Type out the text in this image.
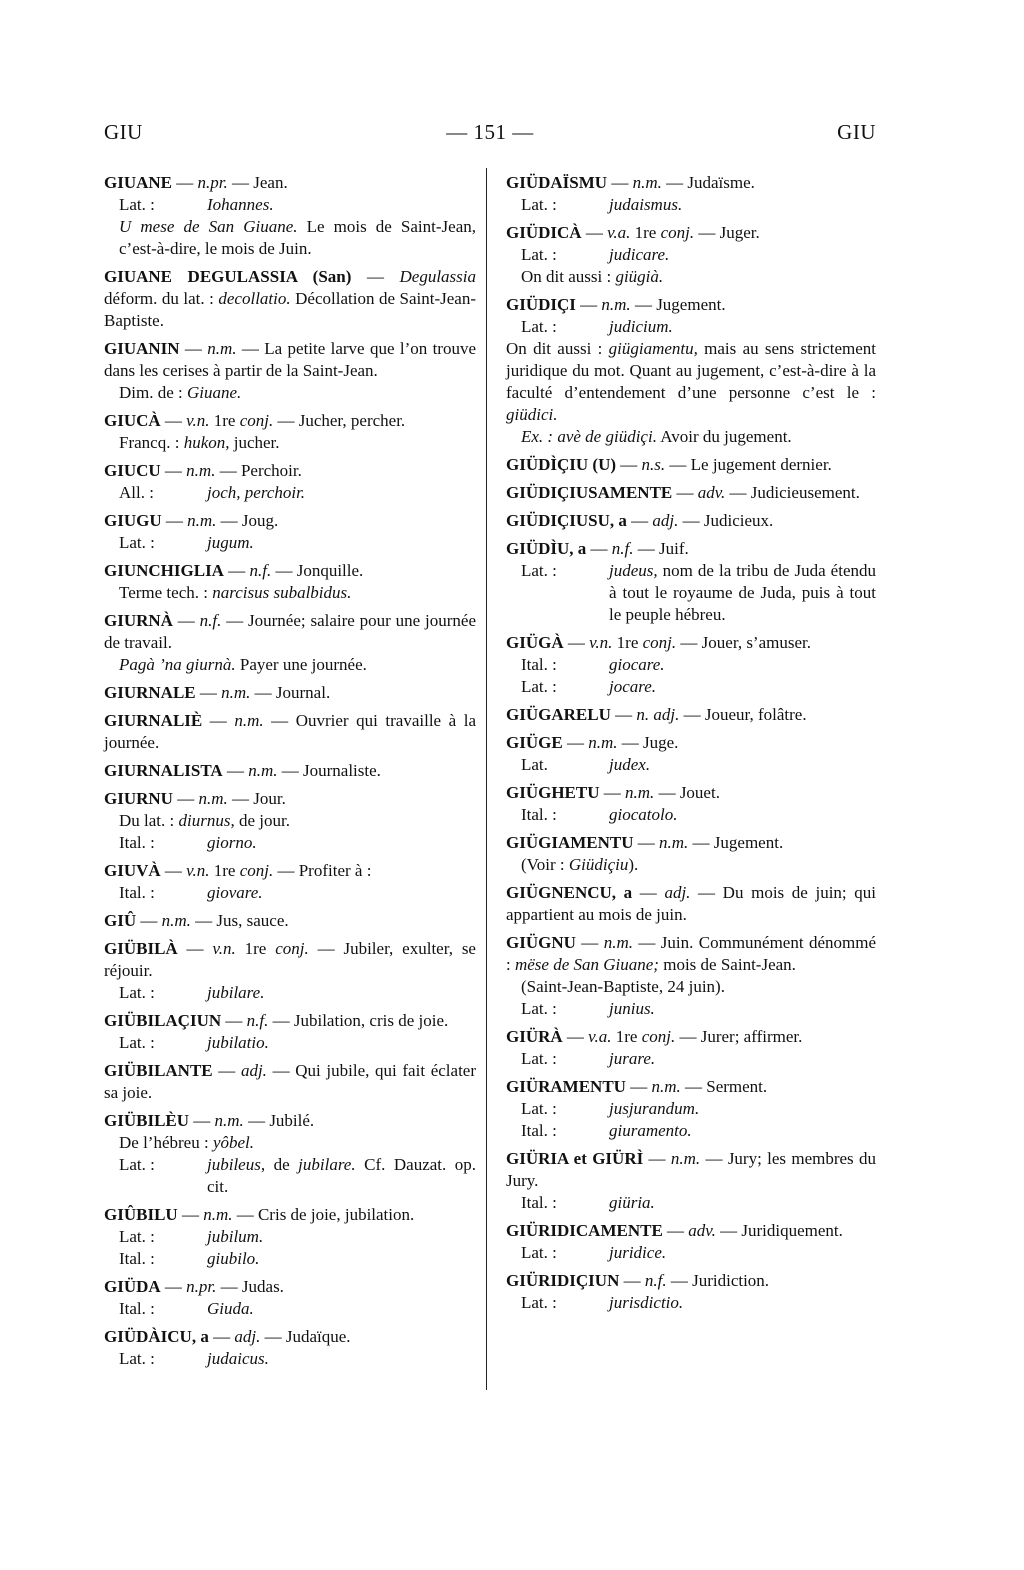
GIU	— 151 —	GIU
GIUANE — n.pr. — Jean.
Lat. :	Iohannes.
U mese de San Giuane. Le mois de Saint-Jean, c’est-à-dire, le mois de Juin.
GIUANE DEGULASSIA (San) — Degulassia déform. du lat. : decollatio. Décollation de Saint-Jean-Baptiste.
GIUANIN — n.m. — La petite larve que l’on trouve dans les cerises à partir de la Saint-Jean.
Dim. de : Giuane.
GIUCÀ — v.n. 1re conj. — Jucher, percher.
Francq. : hukon, jucher.
GIUCU — n.m. — Perchoir.
All. :	joch, perchoir.
GIUGU — n.m. — Joug.
Lat. :	jugum.
GIUNCHIGLIA — n.f. — Jonquille.
Terme tech. : narcisus subalbidus.
GIURNÀ — n.f. — Journée; salaire pour une journée de travail.
Pagà ’na giurnà. Payer une journée.
GIURNALE — n.m. — Journal.
GIURNALIÈ — n.m. — Ouvrier qui travaille à la journée.
GIURNALISTA — n.m. — Journaliste.
GIURNU — n.m. — Jour.
Du lat. : diurnus, de jour.
Ital. :	giorno.
GIUVÀ — v.n. 1re conj. — Profiter à :
Ital. :	giovare.
GIÛ — n.m. — Jus, sauce.
GIÜBILÀ — v.n. 1re conj. — Jubiler, exulter, se réjouir.
Lat. :	jubilare.
GIÜBILAÇIUN — n.f. — Jubilation, cris de joie.
Lat. :	jubilatio.
GIÜBILANTE — adj. — Qui jubile, qui fait éclater sa joie.
GIÜBILÈU — n.m. — Jubilé.
De l’hébreu : yôbel.
Lat. :	jubileus, de jubilare. Cf. Dauzat. op. cit.
GIÛBILU — n.m. — Cris de joie, jubilation.
Lat. :	jubilum.
Ital. :	giubilo.
GIÜDA — n.pr. — Judas.
Ital. :	Giuda.
GIÜDÀICU, a — adj. — Judaïque.
Lat. :	judaicus.
GIÜDAÏSMU — n.m. — Judaïsme.
Lat. :	judaismus.
GIÜDICÀ — v.a. 1re conj. — Juger.
Lat. :	judicare.
On dit aussi : giügià.
GIÜDIÇI — n.m. — Jugement.
Lat. :	judicium.
On dit aussi : giügiamentu, mais au sens strictement juridique du mot. Quant au jugement, c’est-à-dire à la faculté d’entendement d’une personne c’est le : giüdici.
Ex. : avè de giüdiçi. Avoir du jugement.
GIÜDÌÇIU (U) — n.s. — Le jugement dernier.
GIÜDIÇIUSAMENTE — adv. — Judicieusement.
GIÜDIÇIUSU, a — adj. — Judicieux.
GIÜDÌU, a — n.f. — Juif.
Lat. :	judeus, nom de la tribu de Juda étendu à tout le royaume de Juda, puis à tout le peuple hébreu.
GIÜGÀ — v.n. 1re conj. — Jouer, s’amuser.
Ital. :	giocare.
Lat. :	jocare.
GIÜGARELU — n. adj. — Joueur, folâtre.
GIÜGE — n.m. — Juge.
Lat.	judex.
GIÜGHETU — n.m. — Jouet.
Ital. :	giocatolo.
GIÜGIAMENTU — n.m. — Jugement.
(Voir : Giüdiçiu).
GIÜGNENCU, a — adj. — Du mois de juin; qui appartient au mois de juin.
GIÜGNU — n.m. — Juin. Communément dénommé : mëse de San Giuane; mois de Saint-Jean.
(Saint-Jean-Baptiste, 24 juin).
Lat. :	junius.
GIÜRÀ — v.a. 1re conj. — Jurer; affirmer.
Lat. :	jurare.
GIÜRAMENTU — n.m. — Serment.
Lat. :	jusjurandum.
Ital. :	giuramento.
GIÜRIA et GIÜRÌ — n.m. — Jury; les membres du Jury.
Ital. :	giüria.
GIÜRIDICAMENTE — adv. — Juridiquement.
Lat. :	juridice.
GIÜRIDIÇIUN — n.f. — Juridiction.
Lat. :	jurisdictio.
